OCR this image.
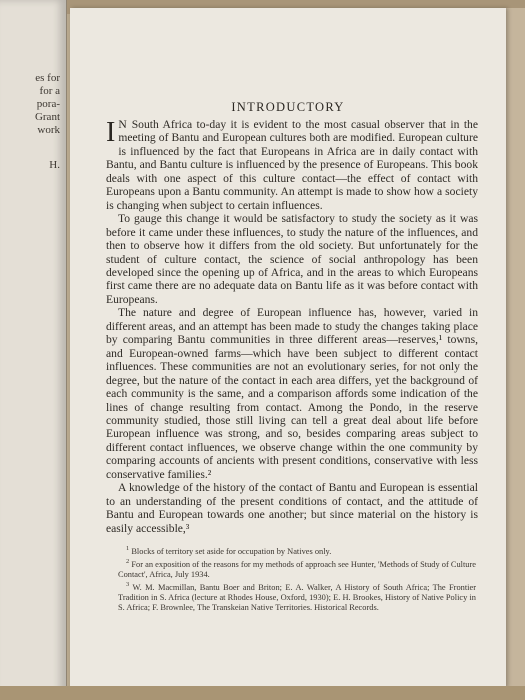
es for
for a
pora-
Grant
work
H.
INTRODUCTORY

I N South Africa to-day it is evident to the most casual observer that in the meeting of Bantu and European cultures both are modified. European culture is influenced by the fact that Europeans in Africa are in daily contact with Bantu, and Bantu culture is influenced by the presence of Europeans. This book deals with one aspect of this culture contact—the effect of contact with Europeans upon a Bantu community. An attempt is made to show how a society is changing when subject to certain influences.

To gauge this change it would be satisfactory to study the society as it was before it came under these influences, to study the nature of the influences, and then to observe how it differs from the old society. But unfortunately for the student of culture contact, the science of social anthropology has been developed since the opening up of Africa, and in the areas to which Europeans first came there are no adequate data on Bantu life as it was before contact with Europeans.

The nature and degree of European influence has, however, varied in different areas, and an attempt has been made to study the changes taking place by comparing Bantu communities in three different areas—reserves,¹ towns, and European-owned farms—which have been subject to different contact influences. These communities are not an evolutionary series, for not only the degree, but the nature of the contact in each area differs, yet the background of each community is the same, and a comparison affords some indication of the lines of change resulting from contact. Among the Pondo, in the reserve community studied, those still living can tell a great deal about life before European influence was strong, and so, besides comparing areas subject to different contact influences, we observe change within the one community by comparing accounts of ancients with present conditions, conservative with less conservative families.²

A knowledge of the history of the contact of Bantu and European is essential to an understanding of the present conditions of contact, and the attitude of Bantu and European towards one another; but since material on the history is easily accessible,³

$^1$ Blocks of territory set aside for occupation by Natives only.

$^2$ For an exposition of the reasons for my methods of approach see Hunter, 'Methods of Study of Culture Contact', Africa, July 1934.

$^3$ W. M. Macmillan, Bantu Boer and Briton; E. A. Walker, A History of South Africa; The Frontier Tradition in S. Africa (lecture at Rhodes House, Oxford, 1930); E. H. Brookes, History of Native Policy in S. Africa; F. Brownlee, The Transkeian Native Territories. Historical Records.
